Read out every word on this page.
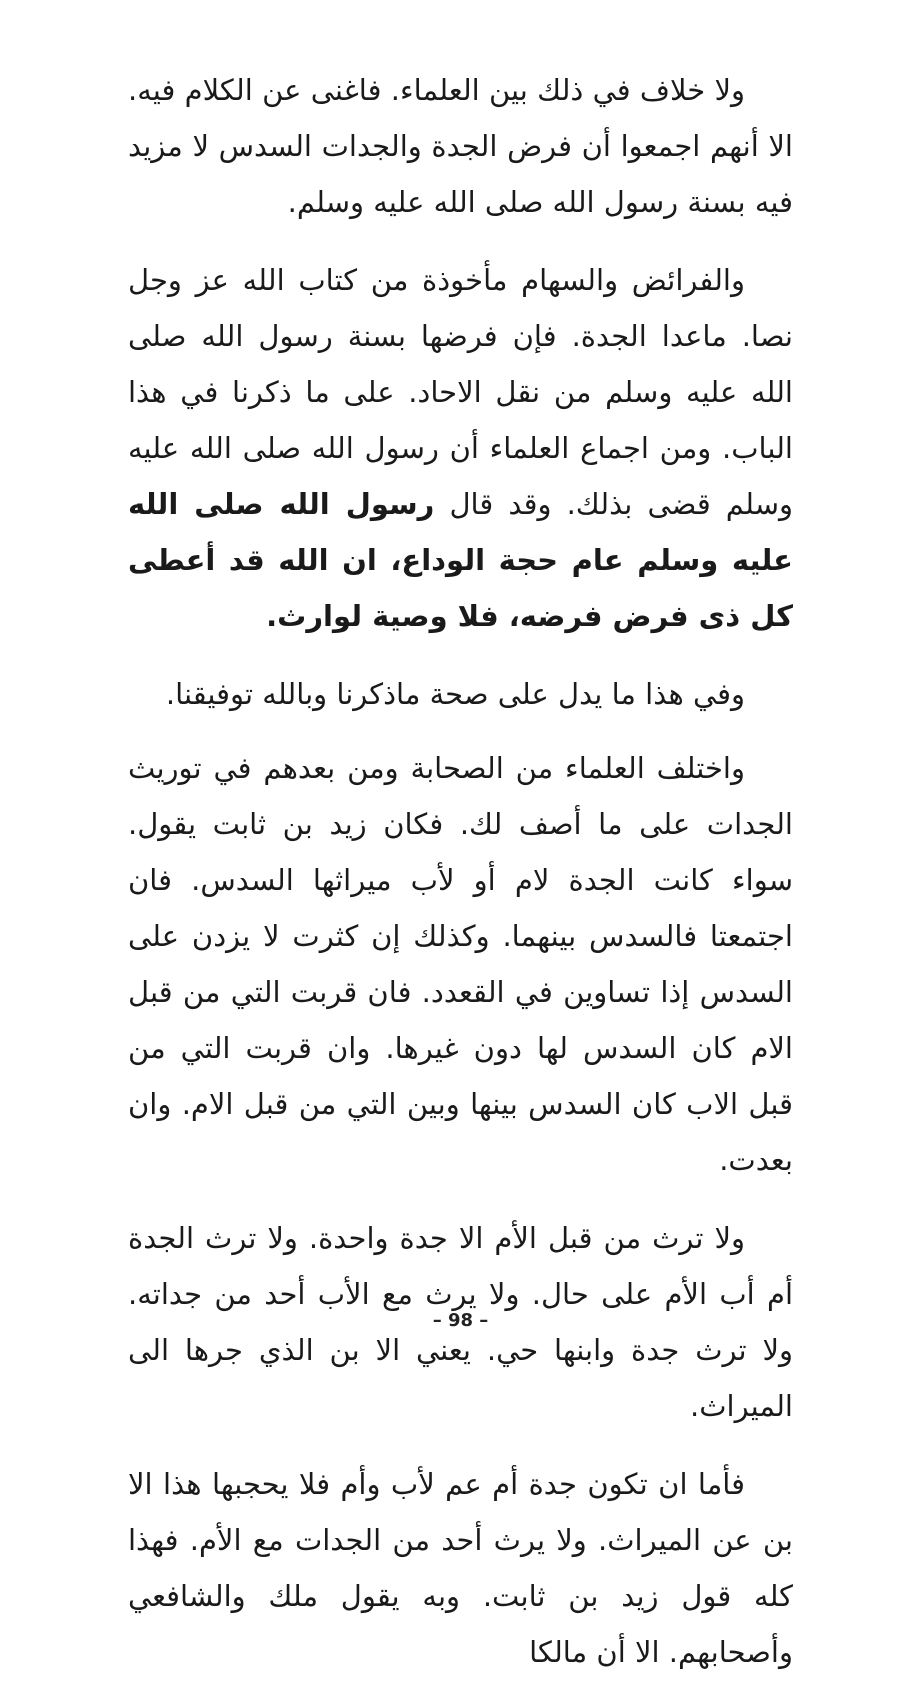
ولا خلاف في ذلك بين العلماء. فاغنى عن الكلام فيه. الا أنهم اجمعوا أن فرض الجدة والجدات السدس لا مزيد فيه بسنة رسول الله صلى الله عليه وسلم.

والفرائض والسهام مأخوذة من كتاب الله عز وجل نصا. ماعدا الجدة. فإن فرضها بسنة رسول الله صلى الله عليه وسلم من نقل الاحاد. على ما ذكرنا في هذا الباب. ومن اجماع العلماء أن رسول الله صلى الله عليه وسلم قضى بذلك. وقد قال رسول الله صلى الله عليه وسلم عام حجة الوداع، ان الله قد أعطى كل ذى فرض فرضه، فلا وصية لوارث.

وفي هذا ما يدل على صحة ماذكرنا وبالله توفيقنا.

واختلف العلماء من الصحابة ومن بعدهم في توريث الجدات على ما أصف لك. فكان زيد بن ثابت يقول. سواء كانت الجدة لام أو لأب ميراثها السدس. فان اجتمعتا فالسدس بينهما. وكذلك إن كثرت لا يزدن على السدس إذا تساوين في القعدد. فان قربت التي من قبل الام كان السدس لها دون غيرها. وان قربت التي من قبل الاب كان السدس بينها وبين التي من قبل الام. وان بعدت.

ولا ترث من قبل الأم الا جدة واحدة. ولا ترث الجدة أم أب الأم على حال. ولا يرث مع الأب أحد من جداته. ولا ترث جدة وابنها حي. يعني الا بن الذي جرها الى الميراث.

فأما ان تكون جدة أم عم لأب وأم فلا يحجبها هذا الا بن عن الميراث. ولا يرث أحد من الجدات مع الأم. فهذا كله قول زيد بن ثابت. وبه يقول ملك والشافعي وأصحابهم. الا أن مالكا

– 98 –
